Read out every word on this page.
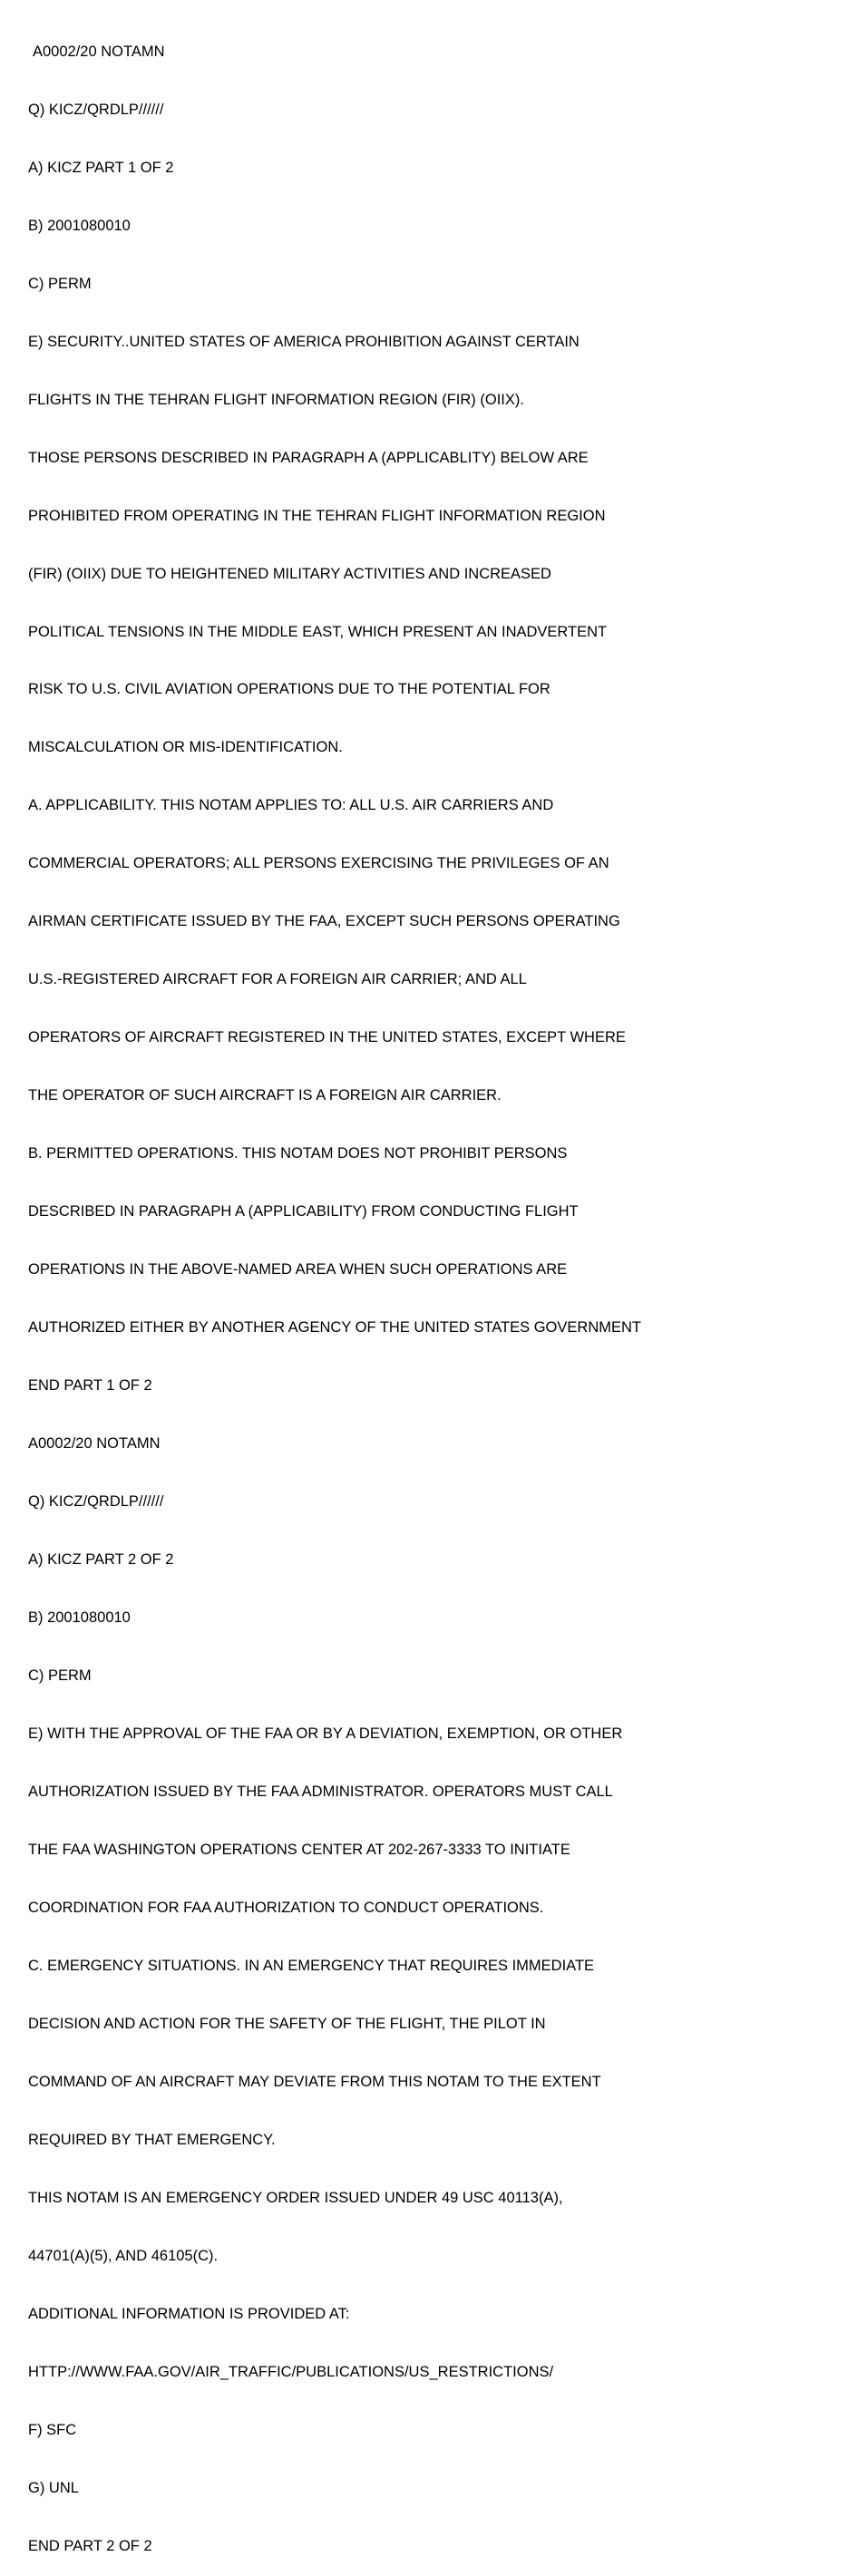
A0002/20 NOTAMN

Q) KICZ/QRDLP//////

A) KICZ PART 1 OF 2

B) 2001080010

C) PERM

E) SECURITY..UNITED STATES OF AMERICA PROHIBITION AGAINST CERTAIN

FLIGHTS IN THE TEHRAN FLIGHT INFORMATION REGION (FIR) (OIIX).

THOSE PERSONS DESCRIBED IN PARAGRAPH A (APPLICABLITY) BELOW ARE

PROHIBITED FROM OPERATING IN THE TEHRAN FLIGHT INFORMATION REGION

(FIR) (OIIX) DUE TO HEIGHTENED MILITARY ACTIVITIES AND INCREASED

POLITICAL TENSIONS IN THE MIDDLE EAST, WHICH PRESENT AN INADVERTENT

RISK TO U.S. CIVIL AVIATION OPERATIONS DUE TO THE POTENTIAL FOR

MISCALCULATION OR MIS-IDENTIFICATION.

A. APPLICABILITY. THIS NOTAM APPLIES TO: ALL U.S. AIR CARRIERS AND

COMMERCIAL OPERATORS; ALL PERSONS EXERCISING THE PRIVILEGES OF AN

AIRMAN CERTIFICATE ISSUED BY THE FAA, EXCEPT SUCH PERSONS OPERATING

U.S.-REGISTERED AIRCRAFT FOR A FOREIGN AIR CARRIER; AND ALL

OPERATORS OF AIRCRAFT REGISTERED IN THE UNITED STATES, EXCEPT WHERE

THE OPERATOR OF SUCH AIRCRAFT IS A FOREIGN AIR CARRIER.

B. PERMITTED OPERATIONS. THIS NOTAM DOES NOT PROHIBIT PERSONS

DESCRIBED IN PARAGRAPH A (APPLICABILITY) FROM CONDUCTING FLIGHT

OPERATIONS IN THE ABOVE-NAMED AREA WHEN SUCH OPERATIONS ARE

AUTHORIZED EITHER BY ANOTHER AGENCY OF THE UNITED STATES GOVERNMENT

END PART 1 OF 2

A0002/20 NOTAMN

Q) KICZ/QRDLP//////

A) KICZ PART 2 OF 2

B) 2001080010

C) PERM

E) WITH THE APPROVAL OF THE FAA OR BY A DEVIATION, EXEMPTION, OR OTHER

AUTHORIZATION ISSUED BY THE FAA ADMINISTRATOR. OPERATORS MUST CALL

THE FAA WASHINGTON OPERATIONS CENTER AT 202-267-3333 TO INITIATE

COORDINATION FOR FAA AUTHORIZATION TO CONDUCT OPERATIONS.

C. EMERGENCY SITUATIONS. IN AN EMERGENCY THAT REQUIRES IMMEDIATE

DECISION AND ACTION FOR THE SAFETY OF THE FLIGHT, THE PILOT IN

COMMAND OF AN AIRCRAFT MAY DEVIATE FROM THIS NOTAM TO THE EXTENT

REQUIRED BY THAT EMERGENCY.

THIS NOTAM IS AN EMERGENCY ORDER ISSUED UNDER 49 USC 40113(A),

44701(A)(5), AND 46105(C).

ADDITIONAL INFORMATION IS PROVIDED AT:

HTTP://WWW.FAA.GOV/AIR_TRAFFIC/PUBLICATIONS/US_RESTRICTIONS/

F) SFC

G) UNL

END PART 2 OF 2
